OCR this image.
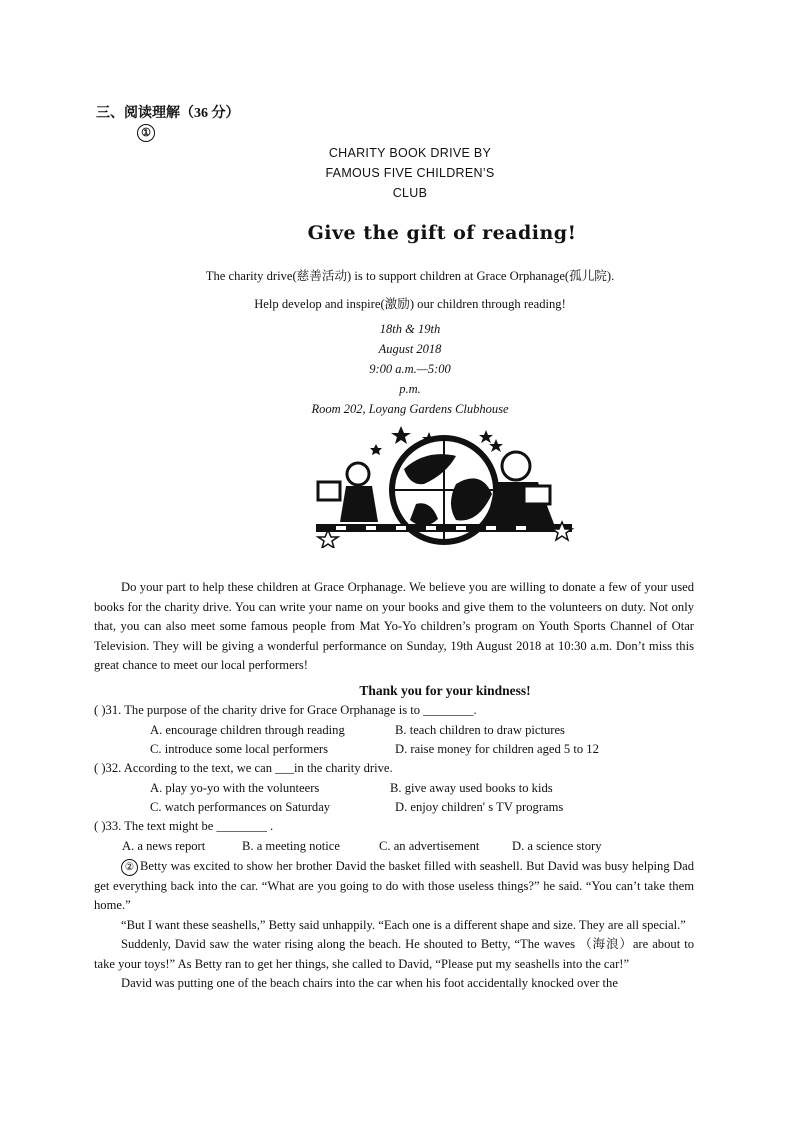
三、阅读理解（36 分）
①
CHARITY BOOK DRIVE BY
FAMOUS FIVE CHILDREN’S
CLUB
Give the gift of reading!
The charity drive(慈善活动) is to support children at Grace Orphanage(孤儿院).
Help develop and inspire(激励) our children through reading!
18th & 19th
August 2018
9:00 a.m.—5:00
p.m.
Room 202, Loyang Gardens Clubhouse

Do your part to help these children at Grace Orphanage. We believe you are willing to donate a few of your used books for the charity drive. You can write your name on your books and give them to the volunteers on duty. Not only that, you can also meet some famous people from Mat Yo-Yo children’s program on Youth Sports Channel of Otar Television. They will be giving a wonderful performance on Sunday, 19th August 2018 at 10:30 a.m. Don’t miss this great chance to meet our local performers!

Thank you for your kindness!
( )31. The purpose of the charity drive for Grace Orphanage is to ________.
A. encourage children through reading	B. teach children to draw pictures
C. introduce some local performers	D. raise money for children aged 5 to 12
( )32. According to the text, we can ___in the charity drive.
A. play yo-yo with the volunteers	B. give away used books to kids
C. watch performances on Saturday	D. enjoy children' s TV programs
( )33. The text might be ________ .
A. a news report	B. a meeting notice	C. an advertisement	D. a science story

② Betty was excited to show her brother David the basket filled with seashell. But David was busy helping Dad get everything back into the car. “What are you going to do with those useless things?” he said. “You can’t take them home.”

“But I want these seashells,” Betty said unhappily. “Each one is a different shape and size. They are all special.”

Suddenly, David saw the water rising along the beach. He shouted to Betty, “The waves （海浪）are about to take your toys!” As Betty ran to get her things, she called to David, “Please put my seashells into the car!”

David was putting one of the beach chairs into the car when his foot accidentally knocked over the
